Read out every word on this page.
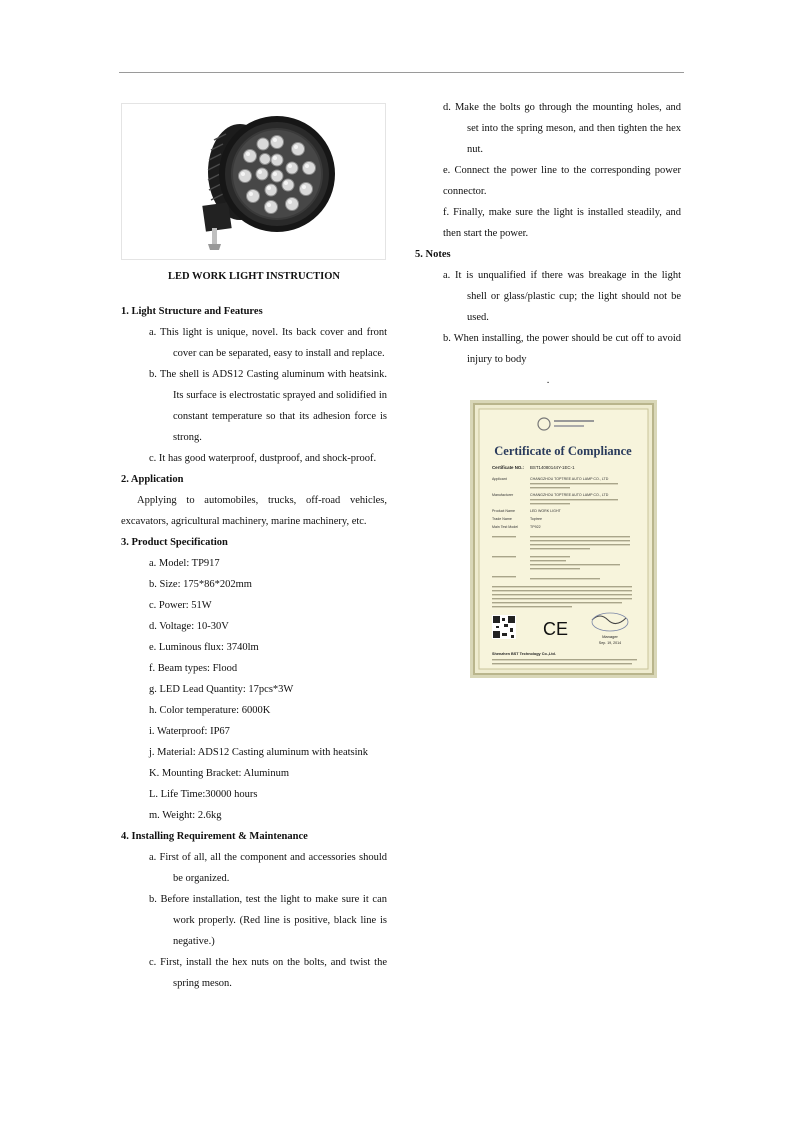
LED WORK LIGHT INSTRUCTION
1. Light Structure and Features
a. This light is unique, novel. Its back cover and front cover can be separated, easy to install and replace.
b. The shell is ADS12 Casting aluminum with heatsink. Its surface is electrostatic sprayed and solidified in constant temperature so that its adhesion force is strong.
c. It has good waterproof, dustproof, and shock-proof.
2. Application
Applying to automobiles, trucks, off-road vehicles, excavators, agricultural machinery, marine machinery, etc.
3. Product Specification
a. Model: TP917
b. Size: 175*86*202mm
c. Power: 51W
d. Voltage: 10-30V
e. Luminous flux: 3740lm
f. Beam types: Flood
g. LED Lead Quantity: 17pcs*3W
h. Color temperature: 6000K
i. Waterproof: IP67
j. Material: ADS12 Casting aluminum with heatsink
K. Mounting Bracket: Aluminum
L. Life Time:30000 hours
m. Weight: 2.6kg
4. Installing Requirement & Maintenance
a. First of all, all the component and accessories should be organized.
b. Before installation, test the light to make sure it can work properly. (Red line is positive, black line is negative.)
c. First, install the hex nuts on the bolts, and twist the spring meson.
d. Make the bolts go through the mounting holes, and set into the spring meson, and then tighten the hex nut.
e. Connect the power line to the corresponding power connector.
f. Finally, make sure the light is installed steadily, and then start the power.
5. Notes
a. It is unqualified if there was breakage in the light shell or glass/plastic cup; the light should not be used.
b. When installing, the power should be cut off to avoid injury to body
.
Certificate of Compliance
Certificate NO.: BST14080144Y-1EC-1
Applicant	CHANGZHOU TOPTREE AUTO LAMP CO., LTD
Manufacturer	CHANGZHOU TOPTREE AUTO LAMP CO., LTD
Product Name	LED WORK LIGHT
Trade Name	Toptree
Main Test Model	TP922
CE	Manager
Sep. 19, 2014
Shenzhen BST Technology Co.,Ltd.
